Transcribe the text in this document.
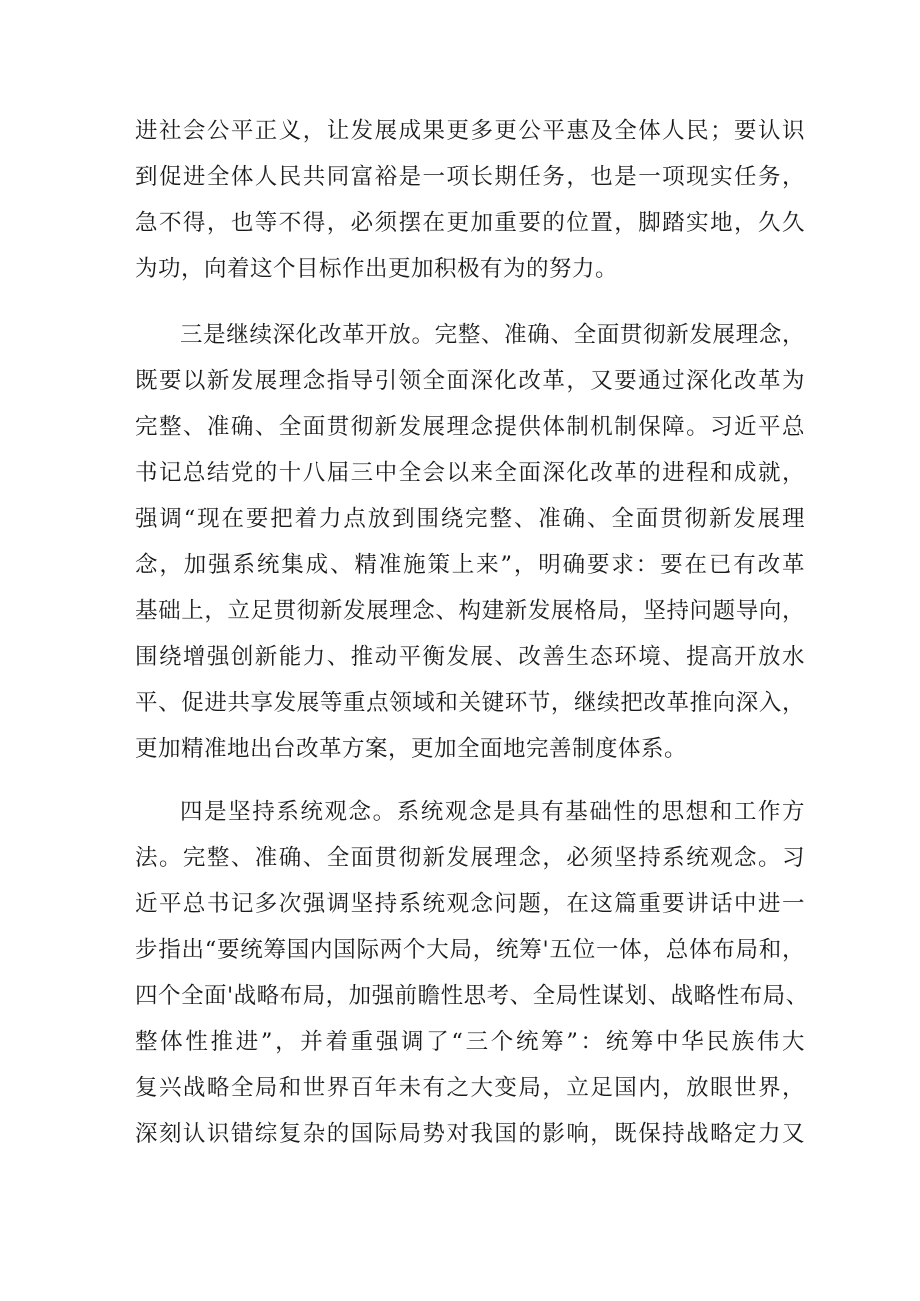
进社会公平正义，让发展成果更多更公平惠及全体人民；要认识
到促进全体人民共同富裕是一项长期任务，也是一项现实任务，
急不得，也等不得，必须摆在更加重要的位置，脚踏实地，久久
为功，向着这个目标作出更加积极有为的努力。
三是继续深化改革开放。完整、准确、全面贯彻新发展理念，
既要以新发展理念指导引领全面深化改革，又要通过深化改革为
完整、准确、全面贯彻新发展理念提供体制机制保障。习近平总
书记总结党的十八届三中全会以来全面深化改革的进程和成就，
强调“现在要把着力点放到围绕完整、准确、全面贯彻新发展理
念，加强系统集成、精准施策上来”，明确要求：要在已有改革
基础上，立足贯彻新发展理念、构建新发展格局，坚持问题导向，
围绕增强创新能力、推动平衡发展、改善生态环境、提高开放水
平、促进共享发展等重点领域和关键环节，继续把改革推向深入，
更加精准地出台改革方案，更加全面地完善制度体系。
四是坚持系统观念。系统观念是具有基础性的思想和工作方
法。完整、准确、全面贯彻新发展理念，必须坚持系统观念。习
近平总书记多次强调坚持系统观念问题，在这篇重要讲话中进一
步指出“要统筹国内国际两个大局，统筹'五位一体，总体布局和，
四个全面'战略布局，加强前瞻性思考、全局性谋划、战略性布局、
整体性推进”，并着重强调了“三个统筹”：统筹中华民族伟大
复兴战略全局和世界百年未有之大变局，立足国内，放眼世界，
深刻认识错综复杂的国际局势对我国的影响，既保持战略定力又
